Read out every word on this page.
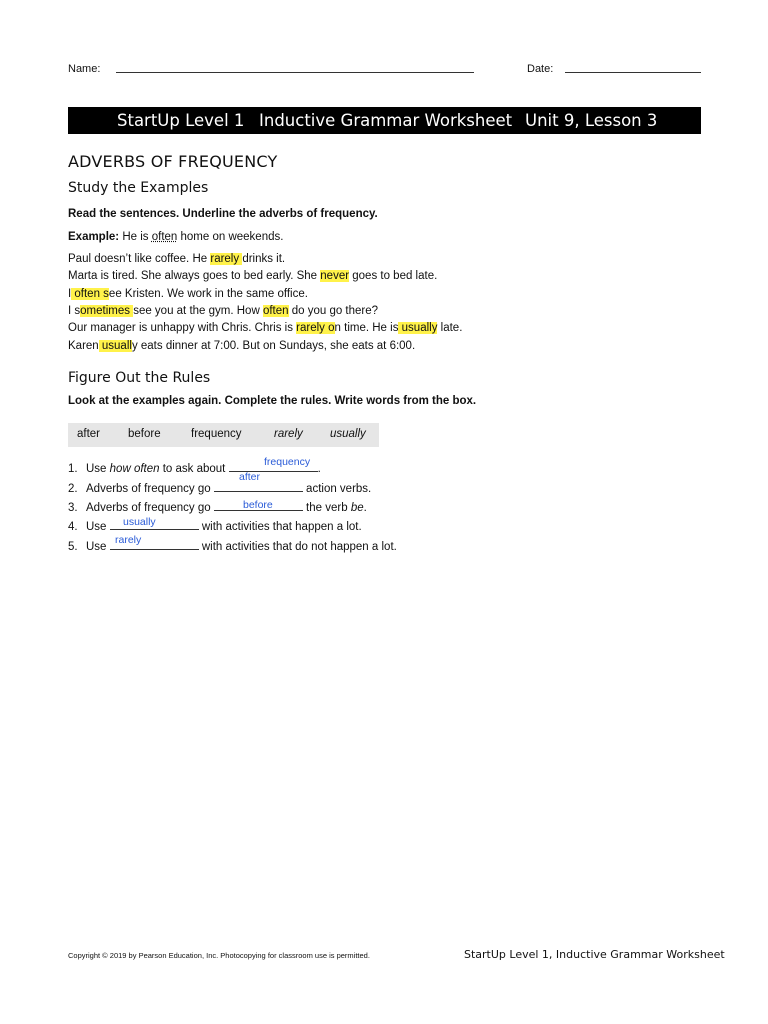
Name:	Date:
StartUp Level 1 Inductive Grammar Worksheet Unit 9, Lesson 3
ADVERBS OF FREQUENCY
Study the Examples
Read the sentences. Underline the adverbs of frequency.
Example: He is often home on weekends.
Paul doesn’t like coffee. He rarely drinks it.
Marta is tired. She always goes to bed early. She never goes to bed late.
I often see Kristen. We work in the same office.
I sometimes see you at the gym. How often do you go there?
Our manager is unhappy with Chris. Chris is rarely on time. He is usually late.
Karen usually eats dinner at 7:00. But on Sundays, she eats at 6:00.
Figure Out the Rules
Look at the examples again. Complete the rules. Write words from the box.
after before	frequency	rarely usually
1. Use how often to ask about	.
frequency
2. Adverbs of frequency go	action verbs.
after
3. Adverbs of frequency go	the verb be.
before
4. Use	with activities that happen a lot.
usually
5. Use	with activities that do not happen a lot.
rarely
Copyright © 2019 by Pearson Education, Inc. Photocopying for classroom use is permitted.	StartUp Level 1, Inductive Grammar Worksheet
